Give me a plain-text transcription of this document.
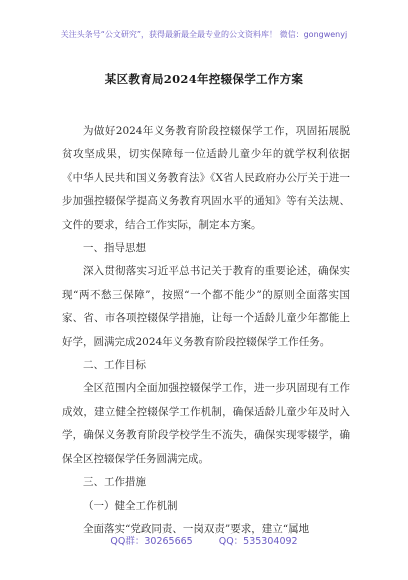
关注头条号“公文研究”，获得最新最全最专业的公文资料库！ 微信：gongwenyj
某区教育局2024年控辍保学工作方案

为做好2024年义务教育阶段控辍保学工作，巩固拓展脱贫攻坚成果，切实保障每一位适龄儿童少年的就学权利依据《中华人民共和国义务教育法》《X省人民政府办公厅关于进一步加强控辍保学提高义务教育巩固水平的通知》等有关法规、文件的要求，结合工作实际，制定本方案。

一、指导思想

深入贯彻落实习近平总书记关于教育的重要论述，确保实现“两不愁三保障”，按照“一个都不能少”的原则全面落实国家、省、市各项控辍保学措施，让每一个适龄儿童少年都能上好学，圆满完成2024年义务教育阶段控辍保学工作任务。

二、工作目标

全区范围内全面加强控辍保学工作，进一步巩固现有工作成效，建立健全控辍保学工作机制，确保适龄儿童少年及时入学，确保义务教育阶段学校学生不流失，确保实现零辍学，确保全区控辍保学任务圆满完成。

三、工作措施

（一）健全工作机制

全面落实“党政同责、一岗双责”要求，建立“属地

QQ群：30265665	QQ：535304092
